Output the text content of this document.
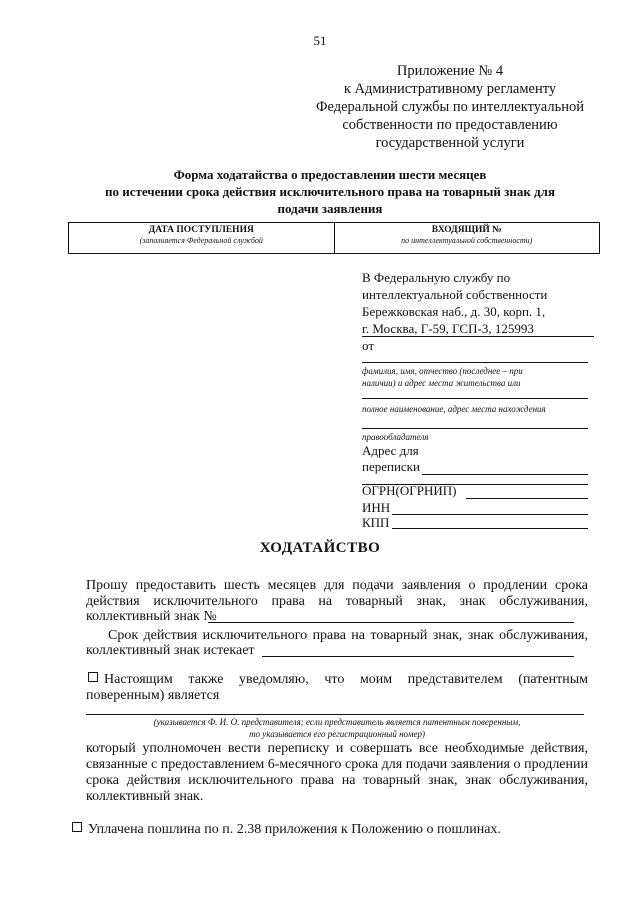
51
Приложение № 4
к Административному регламенту
Федеральной службы по интеллектуальной
собственности по предоставлению
государственной услуги
Форма ходатайства о предоставлении шести месяцев
по истечении срока действия исключительного права на товарный знак для
подачи заявления
ДАТА ПОСТУПЛЕНИЯ
(заполняется Федеральной службой
ВХОДЯЩИЙ №
по интеллектуальной собственности)
В Федеральную службу по
интеллектуальной собственности
Бережковская наб., д. 30, корп. 1,
г. Москва, Г-59, ГСП-3, 125993
от
фамилия, имя, отчество (последнее – при
наличии) и адрес места жительства или
полное наименование, адрес места нахождения
правообладателя
Адрес для
переписки
ОГРН(ОГРНИП)
ИНН
КПП
ХОДАТАЙСТВО
Прошу предоставить шесть месяцев для подачи заявления о продлении срока
действия исключительного права на товарный знак, знак обслуживания,
коллективный знак №
Срок действия исключительного права на товарный знак, знак обслуживания,
коллективный знак истекает
Настоящим также уведомляю, что моим представителем (патентным
поверенным) является
(указывается Ф. И. О. представителя; если представитель является патентным поверенным,
то указывается его регистрационный номер)
который уполномочен вести переписку и совершать все необходимые действия,
связанные с предоставлением 6-месячного срока для подачи заявления о продлении
срока действия исключительного права на товарный знак, знак обслуживания,
коллективный знак.
Уплачена пошлина по п. 2.38 приложения к Положению о пошлинах.
